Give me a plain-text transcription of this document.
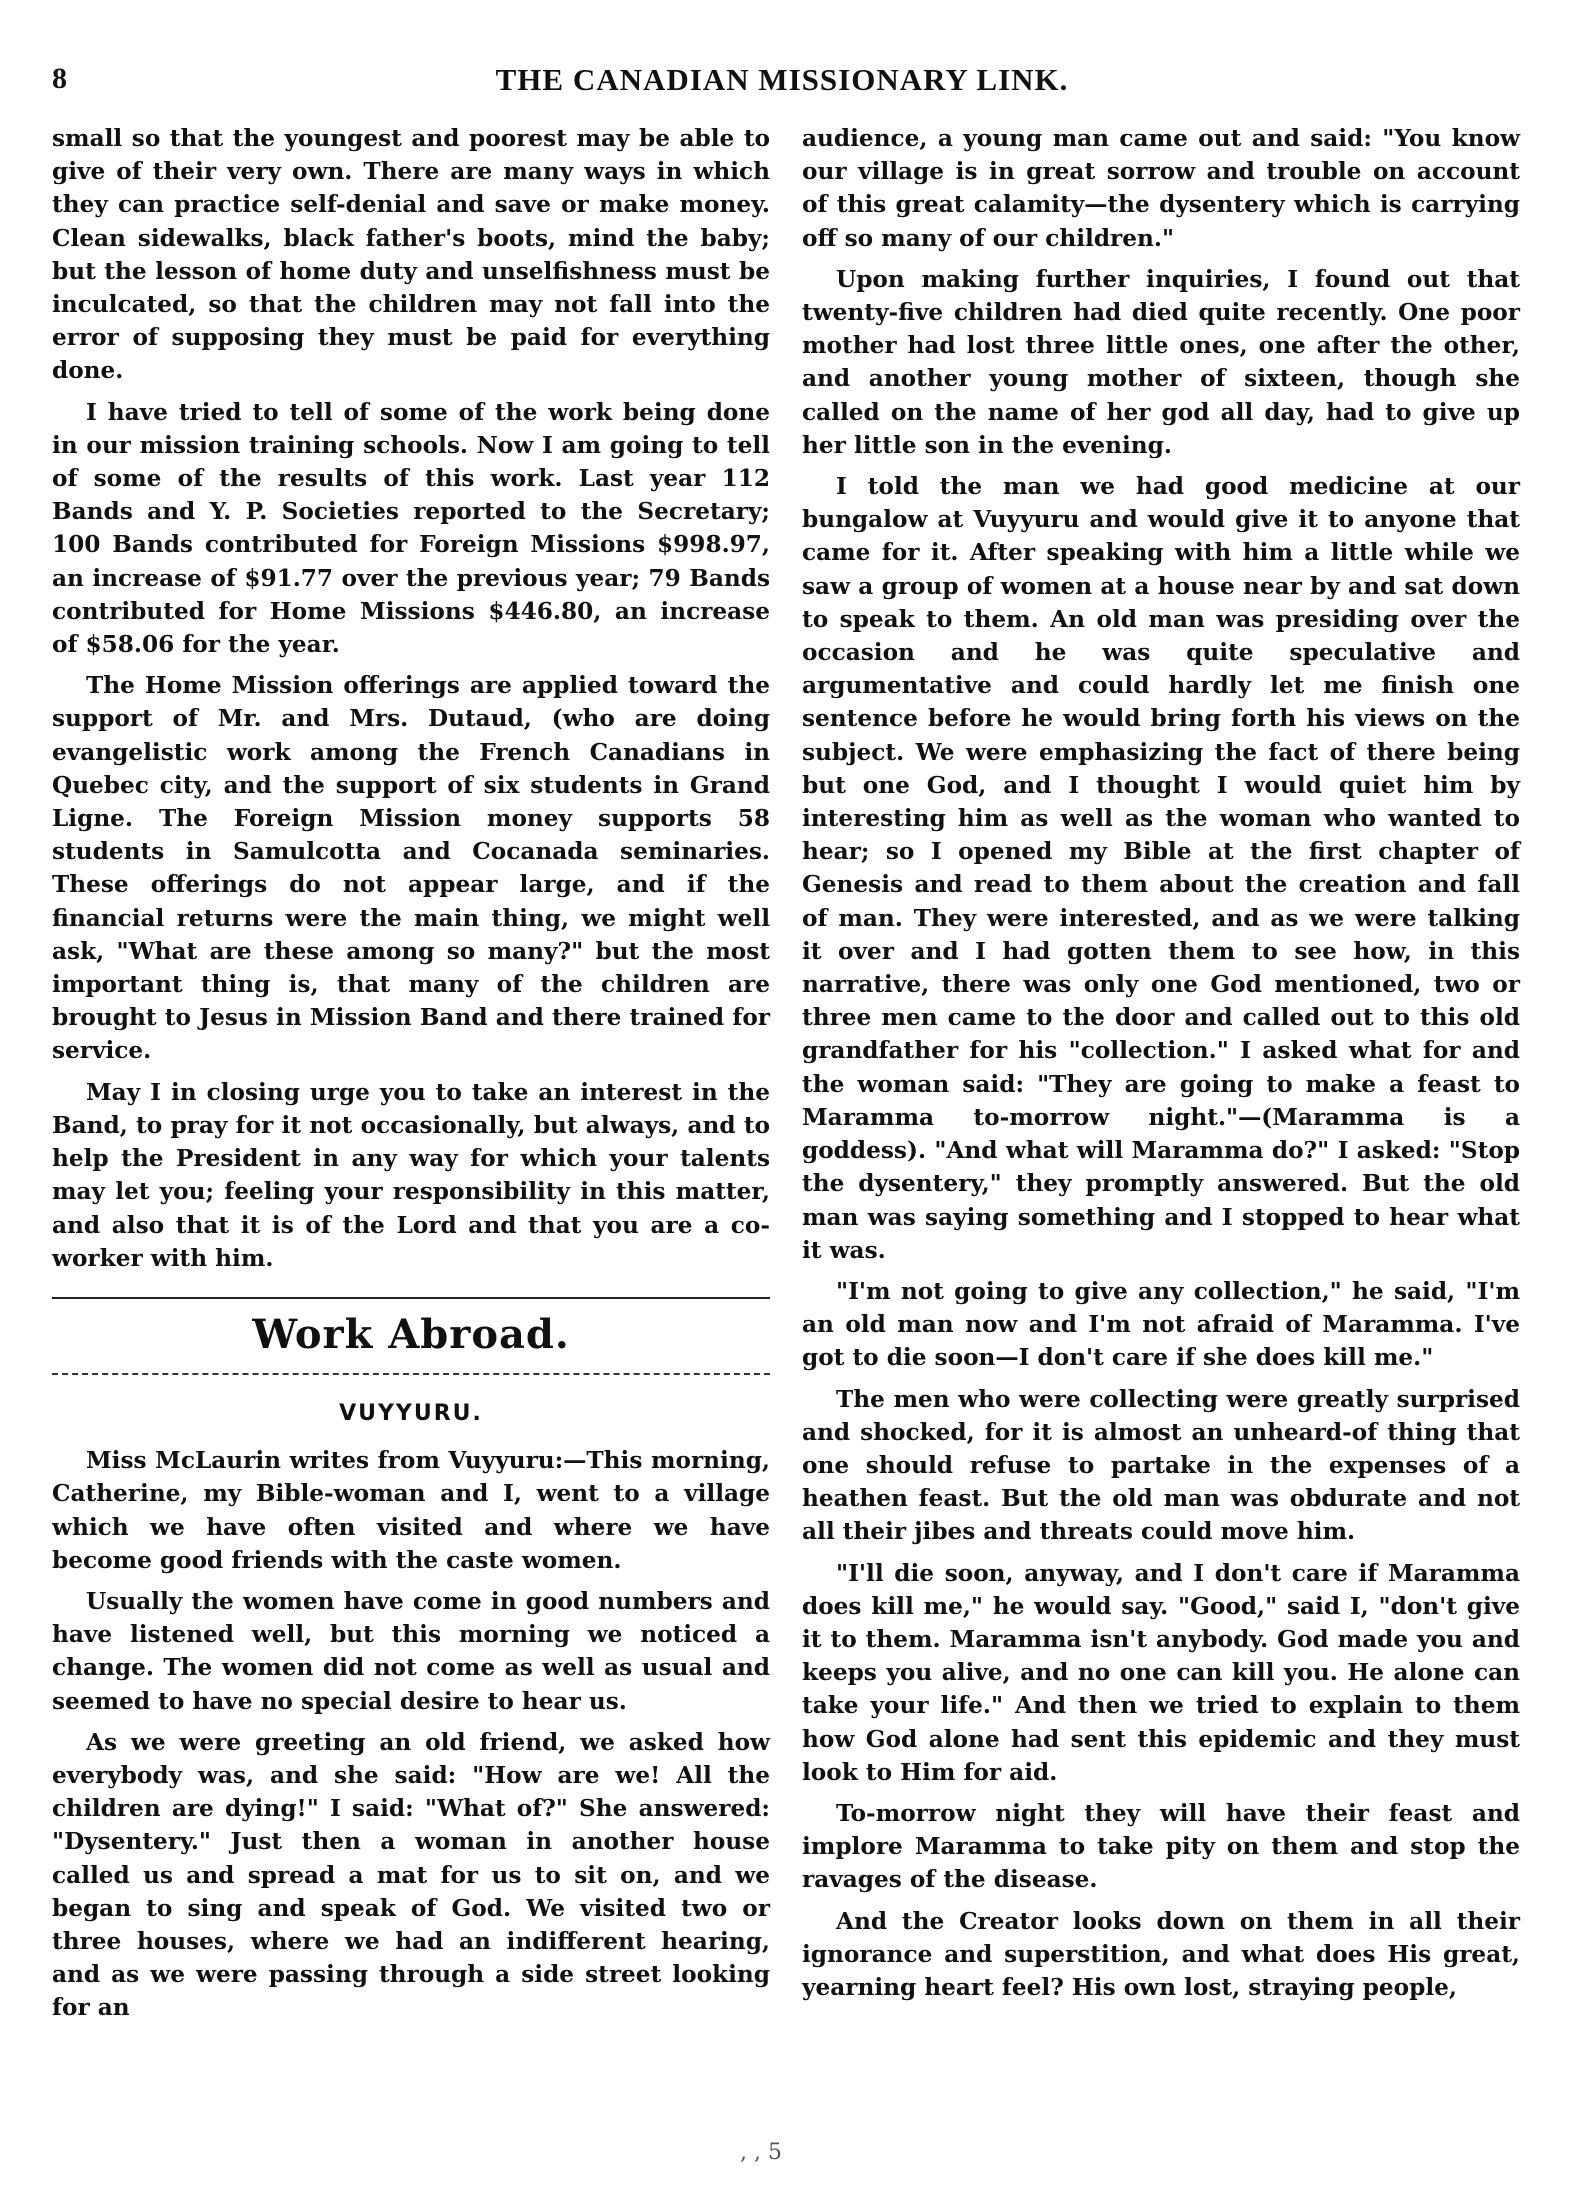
8	THE CANADIAN MISSIONARY LINK.

small so that the youngest and poorest may be able to give of their very own. There are many ways in which they can practice self-denial and save or make money. Clean sidewalks, black father's boots, mind the baby; but the lesson of home duty and unselfishness must be inculcated, so that the children may not fall into the error of supposing they must be paid for everything done.

I have tried to tell of some of the work being done in our mission training schools. Now I am going to tell of some of the results of this work. Last year 112 Bands and Y. P. Societies reported to the Secretary; 100 Bands contributed for Foreign Missions $998.97, an increase of $91.77 over the previous year; 79 Bands contributed for Home Missions $446.80, an increase of $58.06 for the year.

The Home Mission offerings are applied toward the support of Mr. and Mrs. Dutaud, (who are doing evangelistic work among the French Canadians in Quebec city, and the support of six students in Grand Ligne. The Foreign Mission money supports 58 students in Samulcotta and Cocanada seminaries. These offerings do not appear large, and if the financial returns were the main thing, we might well ask, "What are these among so many?" but the most important thing is, that many of the children are brought to Jesus in Mission Band and there trained for service.

May I in closing urge you to take an interest in the Band, to pray for it not occasionally, but always, and to help the President in any way for which your talents may let you; feeling your responsibility in this matter, and also that it is of the Lord and that you are a co-worker with him.

Work Abroad.
VUYYURU.

Miss McLaurin writes from Vuyyuru:—This morning, Catherine, my Bible-woman and I, went to a village which we have often visited and where we have become good friends with the caste women.

Usually the women have come in good numbers and have listened well, but this morning we noticed a change. The women did not come as well as usual and seemed to have no special desire to hear us.

As we were greeting an old friend, we asked how everybody was, and she said: "How are we! All the children are dying!" I said: "What of?" She answered: "Dysentery." Just then a woman in another house called us and spread a mat for us to sit on, and we began to sing and speak of God. We visited two or three houses, where we had an indifferent hearing, and as we were passing through a side street looking for an

audience, a young man came out and said: "You know our village is in great sorrow and trouble on account of this great calamity—the dysentery which is carrying off so many of our children."

Upon making further inquiries, I found out that twenty-five children had died quite recently. One poor mother had lost three little ones, one after the other, and another young mother of sixteen, though she called on the name of her god all day, had to give up her little son in the evening.

I told the man we had good medicine at our bungalow at Vuyyuru and would give it to anyone that came for it. After speaking with him a little while we saw a group of women at a house near by and sat down to speak to them. An old man was presiding over the occasion and he was quite speculative and argumentative and could hardly let me finish one sentence before he would bring forth his views on the subject. We were emphasizing the fact of there being but one God, and I thought I would quiet him by interesting him as well as the woman who wanted to hear; so I opened my Bible at the first chapter of Genesis and read to them about the creation and fall of man. They were interested, and as we were talking it over and I had gotten them to see how, in this narrative, there was only one God mentioned, two or three men came to the door and called out to this old grandfather for his "collection." I asked what for and the woman said: "They are going to make a feast to Maramma to-morrow night."—(Maramma is a goddess). "And what will Maramma do?" I asked: "Stop the dysentery," they promptly answered. But the old man was saying something and I stopped to hear what it was.

"I'm not going to give any collection," he said, "I'm an old man now and I'm not afraid of Maramma. I've got to die soon—I don't care if she does kill me."

The men who were collecting were greatly surprised and shocked, for it is almost an unheard-of thing that one should refuse to partake in the expenses of a heathen feast. But the old man was obdurate and not all their jibes and threats could move him.

"I'll die soon, anyway, and I don't care if Maramma does kill me," he would say. "Good," said I, "don't give it to them. Maramma isn't anybody. God made you and keeps you alive, and no one can kill you. He alone can take your life." And then we tried to explain to them how God alone had sent this epidemic and they must look to Him for aid.

To-morrow night they will have their feast and implore Maramma to take pity on them and stop the ravages of the disease.

And the Creator looks down on them in all their ignorance and superstition, and what does His great, yearning heart feel? His own lost, straying people,

, , 5
